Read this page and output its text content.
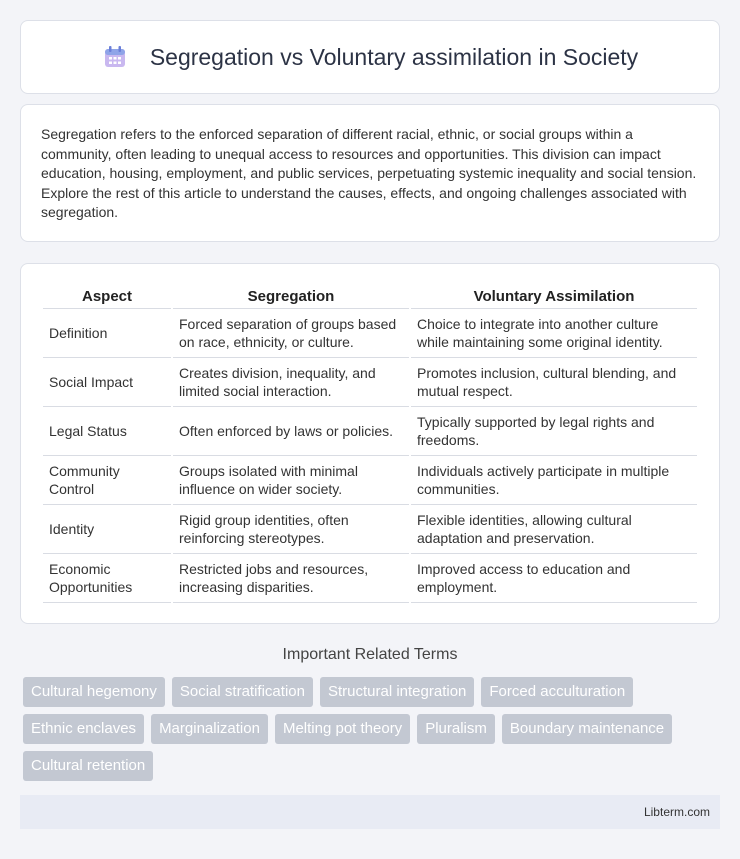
Segregation vs Voluntary assimilation in Society

Segregation refers to the enforced separation of different racial, ethnic, or social groups within a community, often leading to unequal access to resources and opportunities. This division can impact education, housing, employment, and public services, perpetuating systemic inequality and social tension. Explore the rest of this article to understand the causes, effects, and ongoing challenges associated with segregation.

Aspect	Segregation	Voluntary Assimilation
Definition	Forced separation of groups based on race, ethnicity, or culture.	Choice to integrate into another culture while maintaining some original identity.
Social Impact	Creates division, inequality, and limited social interaction.	Promotes inclusion, cultural blending, and mutual respect.
Legal Status	Often enforced by laws or policies.	Typically supported by legal rights and freedoms.
Community Control	Groups isolated with minimal influence on wider society.	Individuals actively participate in multiple communities.
Identity	Rigid group identities, often reinforcing stereotypes.	Flexible identities, allowing cultural adaptation and preservation.
Economic Opportunities	Restricted jobs and resources, increasing disparities.	Improved access to education and employment.
Important Related Terms
Cultural hegemony	Social stratification	Structural integration	Forced acculturation
Ethnic enclaves	Marginalization	Melting pot theory	Pluralism	Boundary maintenance
Cultural retention
Libterm.com
